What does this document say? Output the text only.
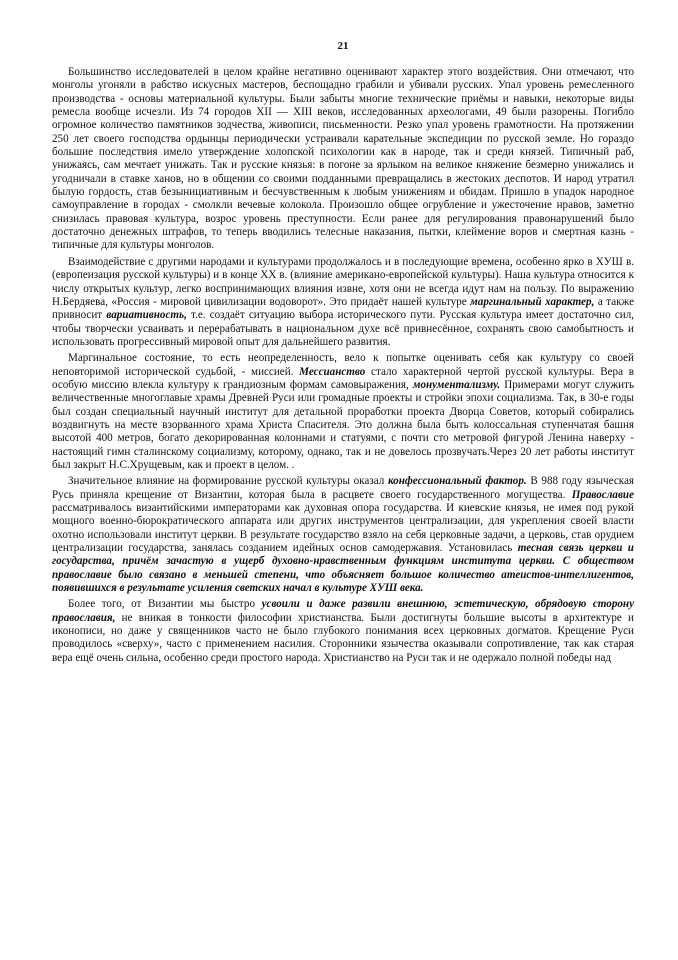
21

Большинство исследователей в целом крайне негативно оценивают характер этого воздействия. Они отмечают, что монголы угоняли в рабство искусных мастеров, беспощадно грабили и убивали русских. Упал уровень ремесленного производства - основы материальной культуры. Были забыты многие технические приёмы и навыки, некоторые виды ремесла вообще исчезли. Из 74 городов XII — XIII веков, исследованных археологами, 49 были разорены. Погибло огромное количество памятников зодчества, живописи, письменности. Резко упал уровень грамотности. На протяжении 250 лет своего господства ордынцы периодически устраивали карательные экспедиции по русской земле. Но гораздо большие последствия имело утверждение холопской психологии как в народе, так и среди князей. Типичный раб, унижаясь, сам мечтает унижать. Так и русские князья: в погоне за ярлыком на великое княжение безмерно унижались и угодничали в ставке ханов, но в общении со своими подданными превращались в жестоких деспотов. И народ утратил былую гордость, став безынициативным и бесчувственным к любым унижениям и обидам. Пришло в упадок народное самоуправление в городах - смолкли вечевые колокола. Произошло общее огрубление и ужесточение нравов, заметно снизилась правовая культура, возрос уровень преступности. Если ранее для регулирования правонарушений было достаточно денежных штрафов, то теперь вводились телесные наказания, пытки, клеймение воров и смертная казнь - типичные для культуры монголов.

Взаимодействие с другими народами и культурами продолжалось и в последующие времена, особенно ярко в ХУШ в. (европеизация русской культуры) и в конце ХХ в. (влияние американо-европейской культуры). Наша культура относится к числу открытых культур, легко воспринимающих влияния извне, хотя они не всегда идут нам на пользу. По выражению Н.Бердяева, «Россия - мировой цивилизации водоворот». Это придаёт нашей культуре маргинальный характер, а также привносит вариативность, т.е. создаёт ситуацию выбора исторического пути. Русская культура имеет достаточно сил, чтобы творчески усваивать и перерабатывать в национальном духе всё привнесённое, сохранять свою самобытность и использовать прогрессивный мировой опыт для дальнейшего развития.

Маргинальное состояние, то есть неопределенность, вело к попытке оценивать себя как культуру со своей неповторимой исторической судьбой, - миссией. Мессианство стало характерной чертой русской культуры. Вера в особую миссию влекла культуру к грандиозным формам самовыражения, монументализму. Примерами могут служить величественные многоглавые храмы Древней Руси или громадные проекты и стройки эпохи социализма. Так, в 30-е годы был создан специальный научный институт для детальной проработки проекта Дворца Советов, который собирались воздвигнуть на месте взорванного храма Христа Спасителя. Это должна была быть колоссальная ступенчатая башня высотой 400 метров, богато декорированная колоннами и статуями, с почти сто метровой фигурой Ленина наверху - настоящий гимн сталинскому социализму, которому, однако, так и не довелось прозвучать.Через 20 лет работы институт был закрыт Н.С.Хрущевым, как и проект в целом. .

Значительное влияние на формирование русской культуры оказал конфессиональный фактор. В 988 году языческая Русь приняла крещение от Византии, которая была в расцвете своего государственного могущества. Православие рассматривалось византийскими императорами как духовная опора государства. И киевские князья, не имея под рукой мощного военно-бюрократического аппарата или других инструментов централизации, для укрепления своей власти охотно использовали институт церкви. В результате государство взяло на себя церковные задачи, а церковь, став орудием централизации государства, занялась созданием идейных основ самодержавия. Установилась тесная связь церкви и государства, причём зачастую в ущерб духовно-нравственным функциям института церкви. С обществом православие было связано в меньшей степени, что объясняет большое количество атеистов-интеллигентов, появившихся в результате усиления светских начал в культуре ХУШ века.

Более того, от Византии мы быстро усвоили и даже развили внешнюю, эстетическую, обрядовую сторону православия, не вникая в тонкости философии христианства. Были достигнуты большие высоты в архитектуре и иконописи, но даже у священников часто не было глубокого понимания всех церковных догматов. Крещение Руси проводилось «сверху», часто с применением насилия. Сторонники язычества оказывали сопротивление, так как старая вера ещё очень сильна, особенно среди простого народа. Христианство на Руси так и не одержало полной победы над
